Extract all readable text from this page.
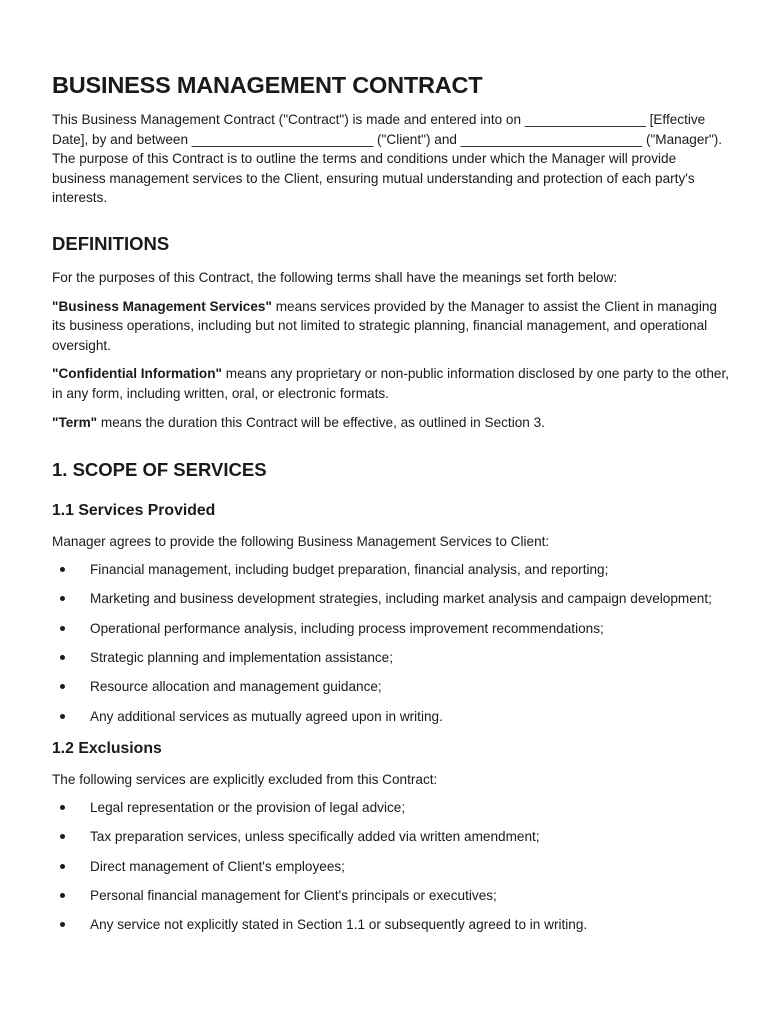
BUSINESS MANAGEMENT CONTRACT

This Business Management Contract ("Contract") is made and entered into on ________________ [Effective Date], by and between ________________________ ("Client") and ________________________ ("Manager"). The purpose of this Contract is to outline the terms and conditions under which the Manager will provide business management services to the Client, ensuring mutual understanding and protection of each party's interests.

DEFINITIONS

For the purposes of this Contract, the following terms shall have the meanings set forth below:

"Business Management Services" means services provided by the Manager to assist the Client in managing its business operations, including but not limited to strategic planning, financial management, and operational oversight.

"Confidential Information" means any proprietary or non-public information disclosed by one party to the other, in any form, including written, oral, or electronic formats.

"Term" means the duration this Contract will be effective, as outlined in Section 3.

1. SCOPE OF SERVICES
1.1 Services Provided

Manager agrees to provide the following Business Management Services to Client:

Financial management, including budget preparation, financial analysis, and reporting;
Marketing and business development strategies, including market analysis and campaign development;
Operational performance analysis, including process improvement recommendations;
Strategic planning and implementation assistance;
Resource allocation and management guidance;
Any additional services as mutually agreed upon in writing.
1.2 Exclusions

The following services are explicitly excluded from this Contract:

Legal representation or the provision of legal advice;
Tax preparation services, unless specifically added via written amendment;
Direct management of Client's employees;
Personal financial management for Client's principals or executives;
Any service not explicitly stated in Section 1.1 or subsequently agreed to in writing.
